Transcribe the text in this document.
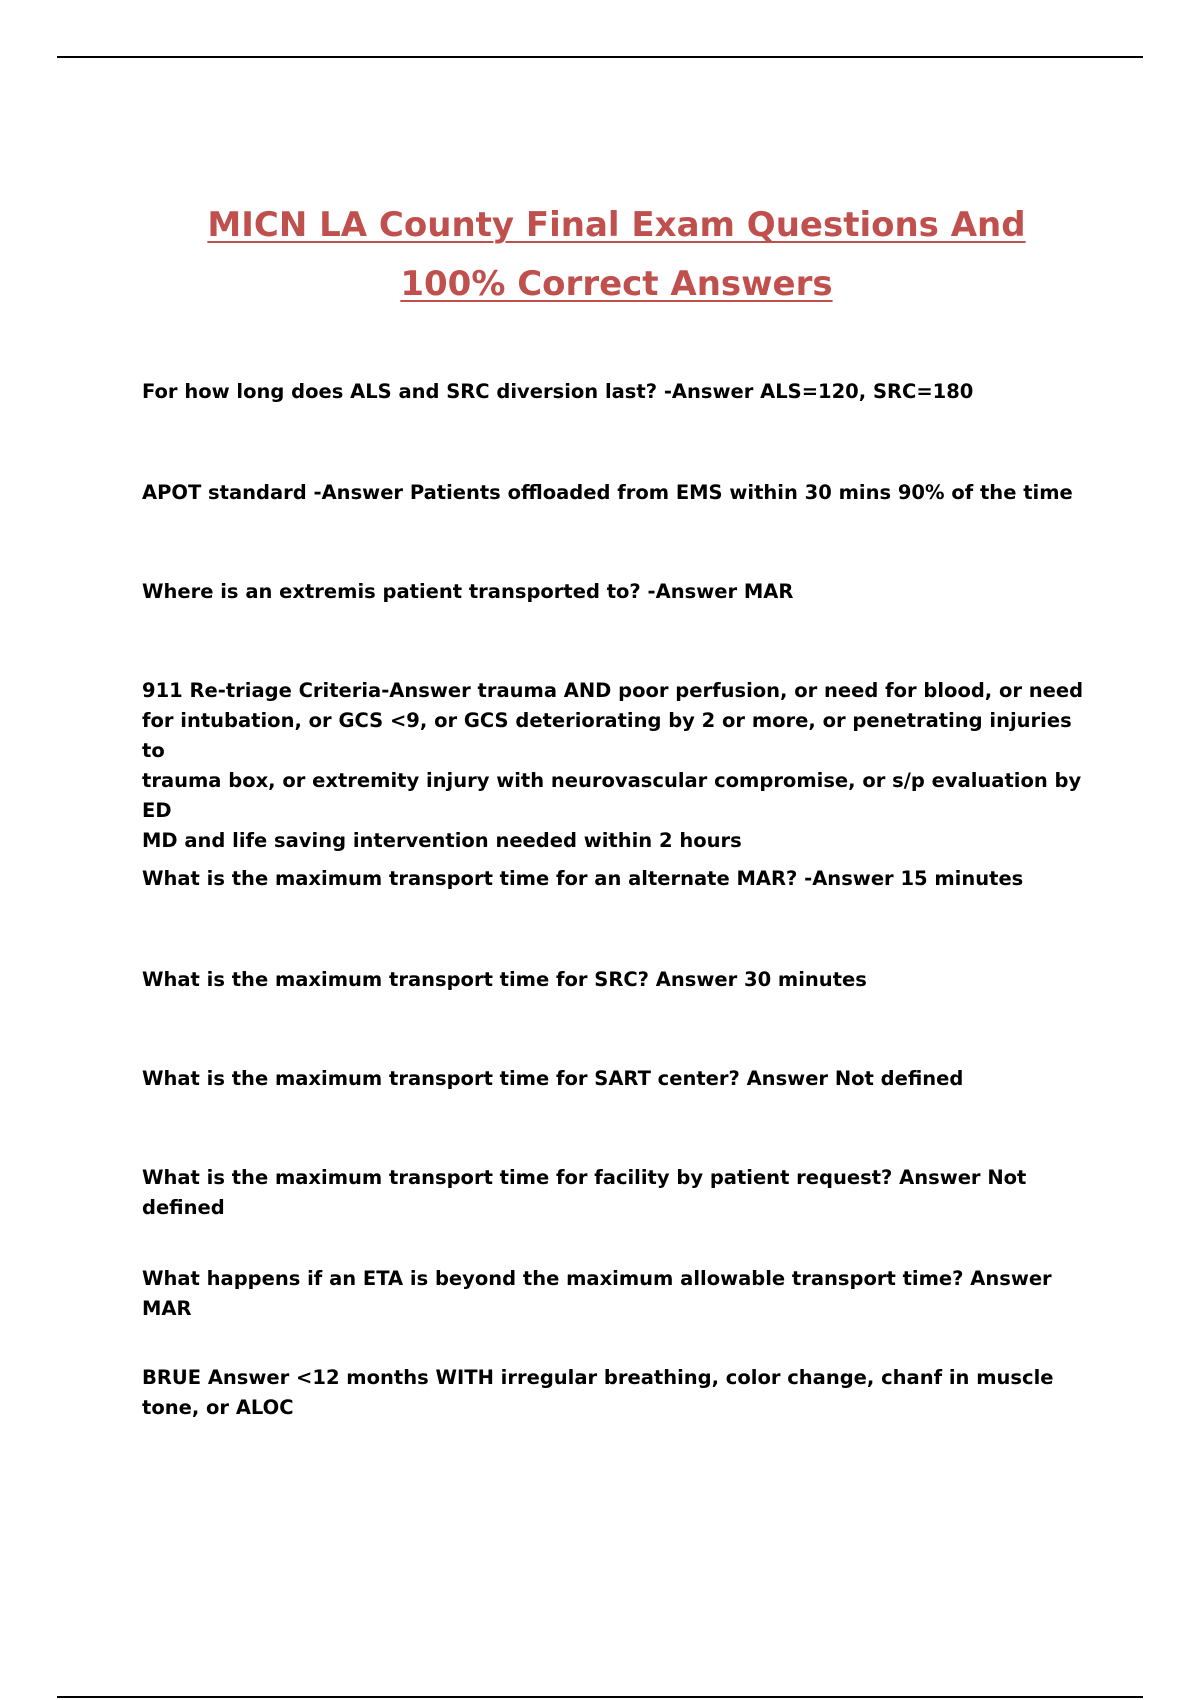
MICN LA County Final Exam Questions And
100% Correct Answers

For how long does ALS and SRC diversion last? -Answer ALS=120, SRC=180

APOT standard -Answer Patients offloaded from EMS within 30 mins 90% of the time

Where is an extremis patient transported to? -Answer MAR

911 Re-triage Criteria-Answer trauma AND poor perfusion, or need for blood, or need
for intubation, or GCS <9, or GCS deteriorating by 2 or more, or penetrating injuries to
trauma box, or extremity injury with neurovascular compromise, or s/p evaluation by ED
MD and life saving intervention needed within 2 hours

What is the maximum transport time for an alternate MAR? -Answer 15 minutes

What is the maximum transport time for SRC? Answer 30 minutes

What is the maximum transport time for SART center? Answer Not defined

What is the maximum transport time for facility by patient request? Answer Not defined

What happens if an ETA is beyond the maximum allowable transport time? Answer MAR

BRUE Answer <12 months WITH irregular breathing, color change, chanf in muscle
tone, or ALOC
